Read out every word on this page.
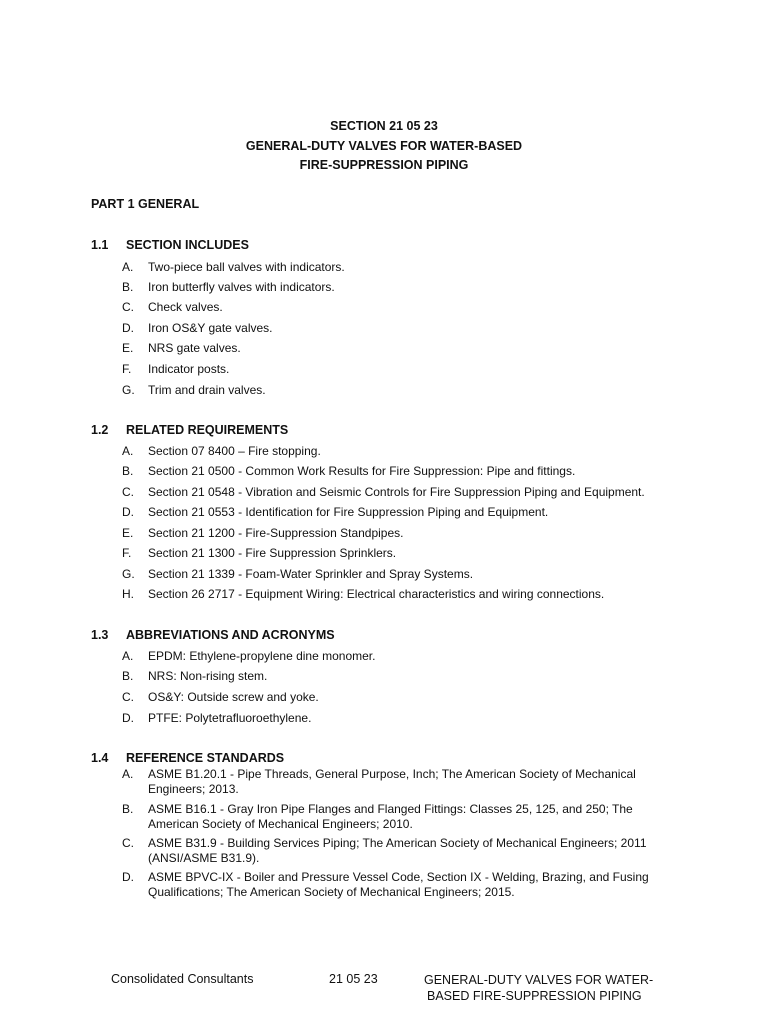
SECTION 21 05 23
GENERAL-DUTY VALVES FOR WATER-BASED
FIRE-SUPPRESSION PIPING
PART 1 GENERAL
1.1 SECTION INCLUDES
A. Two-piece ball valves with indicators.
B. Iron butterfly valves with indicators.
C. Check valves.
D. Iron OS&Y gate valves.
E. NRS gate valves.
F. Indicator posts.
G. Trim and drain valves.
1.2 RELATED REQUIREMENTS
A. Section 07 8400 – Fire stopping.
B. Section 21 0500 - Common Work Results for Fire Suppression: Pipe and fittings.
C. Section 21 0548 - Vibration and Seismic Controls for Fire Suppression Piping and Equipment.
D. Section 21 0553 - Identification for Fire Suppression Piping and Equipment.
E. Section 21 1200 - Fire-Suppression Standpipes.
F. Section 21 1300 - Fire Suppression Sprinklers.
G. Section 21 1339 - Foam-Water Sprinkler and Spray Systems.
H. Section 26 2717 - Equipment Wiring: Electrical characteristics and wiring connections.
1.3 ABBREVIATIONS AND ACRONYMS
A. EPDM: Ethylene-propylene dine monomer.
B. NRS: Non-rising stem.
C. OS&Y: Outside screw and yoke.
D. PTFE: Polytetrafluoroethylene.
1.4 REFERENCE STANDARDS
A. ASME B1.20.1 - Pipe Threads, General Purpose, Inch; The American Society of Mechanical
Engineers; 2013.
B. ASME B16.1 - Gray Iron Pipe Flanges and Flanged Fittings: Classes 25, 125, and 250; The
American Society of Mechanical Engineers; 2010.
C. ASME B31.9 - Building Services Piping; The American Society of Mechanical Engineers; 2011
(ANSI/ASME B31.9).
D. ASME BPVC-IX - Boiler and Pressure Vessel Code, Section IX - Welding, Brazing, and Fusing
Qualifications; The American Society of Mechanical Engineers; 2015.
Consolidated Consultants	21 05 23	GENERAL-DUTY VALVES FOR WATER-
BASED FIRE-SUPPRESSION PIPING
